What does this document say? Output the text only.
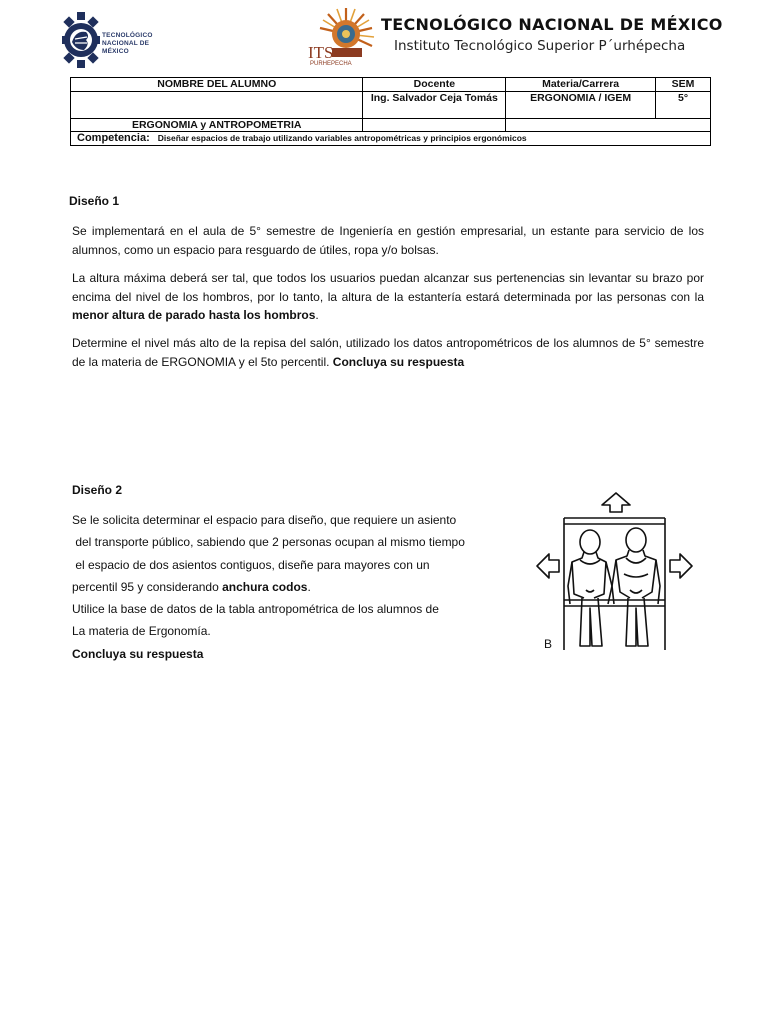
TECNOLÓGICO
NACIONAL DE MÉXICO	ITS
PURHEPECHA
TECNOLÓGICO NACIONAL DE MÉXICO
Instituto Tecnológico Superior P´urhépecha
NOMBRE DEL ALUMNO	Docente	Materia/Carrera	SEM
	Ing. Salvador Ceja Tomás	ERGONOMIA / IGEM	5°
ERGONOMIA y ANTROPOMETRIA			
Competencia: Diseñar espacios de trabajo utilizando variables antropométricas y principios ergonómicos			
Diseño 1

Se implementará en el aula de 5° semestre de Ingeniería en gestión empresarial, un estante para servicio de los alumnos, como un espacio para resguardo de útiles, ropa y/o bolsas.

La altura máxima deberá ser tal, que todos los usuarios puedan alcanzar sus pertenencias sin levantar su brazo por encima del nivel de los hombros, por lo tanto, la altura de la estantería estará determinada por las personas con la menor altura de parado hasta los hombros.

Determine el nivel más alto de la repisa del salón, utilizado los datos antropométricos de los alumnos de 5° semestre de la materia de ERGONOMIA y el 5to percentil. Concluya su respuesta

Diseño 2
Se le solicita determinar el espacio para diseño, que requiere un asiento
del transporte público, sabiendo que 2 personas ocupan al mismo tiempo
el espacio de dos asientos contiguos, diseñe para mayores con un
percentil 95 y considerando anchura codos.
Utilice la base de datos de la tabla antropométrica de los alumnos de
La materia de Ergonomía.
Concluya su respuesta
B
